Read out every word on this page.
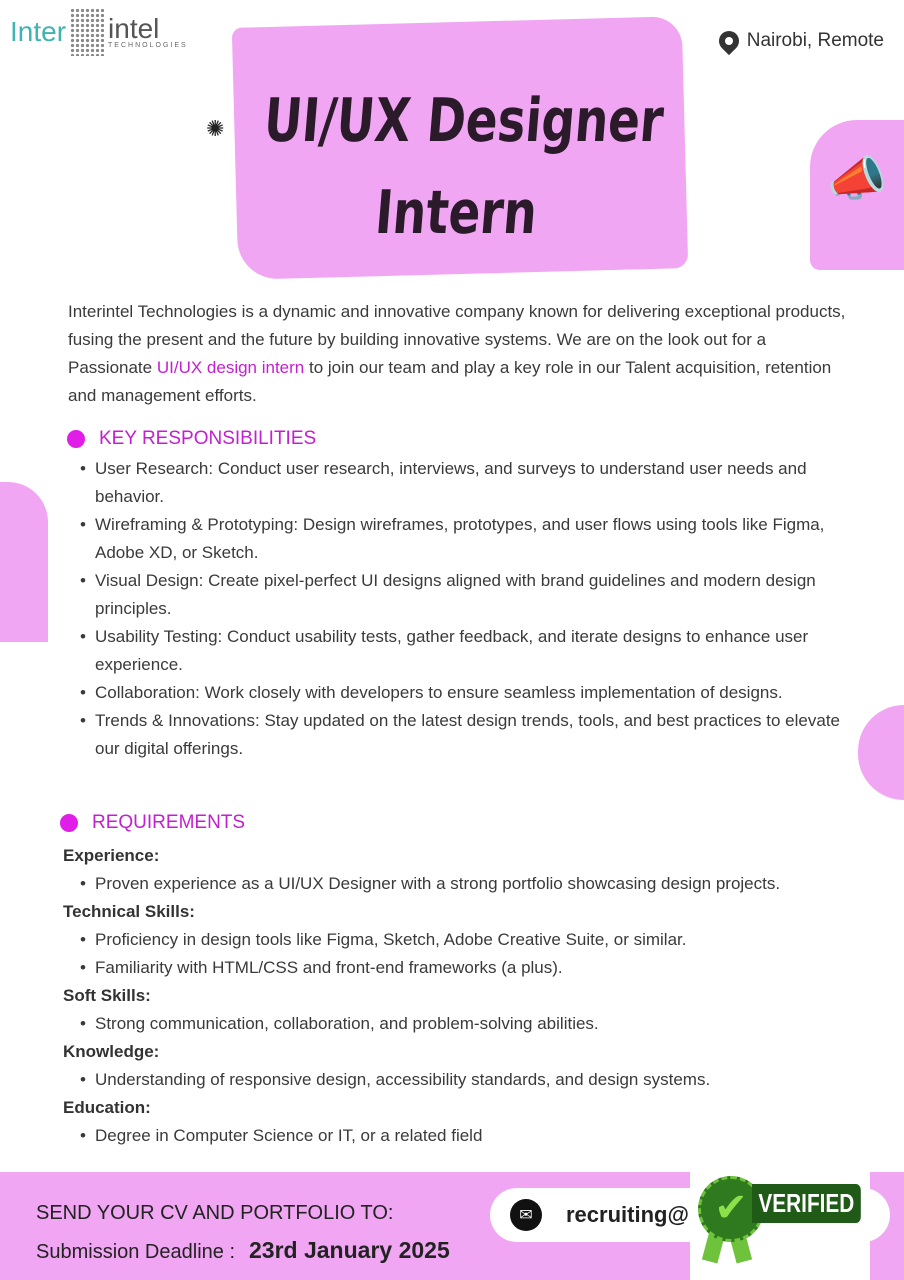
Inter intel
TECHNOLOGIES	Nairobi, Remote
✺ UI/UX Designer
Intern	📣
Interintel Technologies is a dynamic and innovative company known for delivering exceptional products, fusing the present and the future by building innovative systems. We are on the look out for a Passionate UI/UX design intern to join our team and play a key role in our Talent acquisition, retention and management efforts.
KEY RESPONSIBILITIES
• User Research: Conduct user research, interviews, and surveys to understand user needs and behavior.
• Wireframing & Prototyping: Design wireframes, prototypes, and user flows using tools like Figma, Adobe XD, or Sketch.
• Visual Design: Create pixel-perfect UI designs aligned with brand guidelines and modern design principles.
• Usability Testing: Conduct usability tests, gather feedback, and iterate designs to enhance user experience.
• Collaboration: Work closely with developers to ensure seamless implementation of designs.
• Trends & Innovations: Stay updated on the latest design trends, tools, and best practices to elevate our digital offerings.
REQUIREMENTS
Experience:
• Proven experience as a UI/UX Designer with a strong portfolio showcasing design projects.
Technical Skills:
• Proficiency in design tools like Figma, Sketch, Adobe Creative Suite, or similar.
• Familiarity with HTML/CSS and front-end frameworks (a plus).
Soft Skills:
• Strong communication, collaboration, and problem-solving abilities.
Knowledge:
• Understanding of responsive design, accessibility standards, and design systems.
Education:
• Degree in Computer Science or IT, or a related field
SEND YOUR CV AND PORTFOLIO TO:
Submission Deadline : 23rd January 2025
✉	recruiting@ ✔ VERIFIED
